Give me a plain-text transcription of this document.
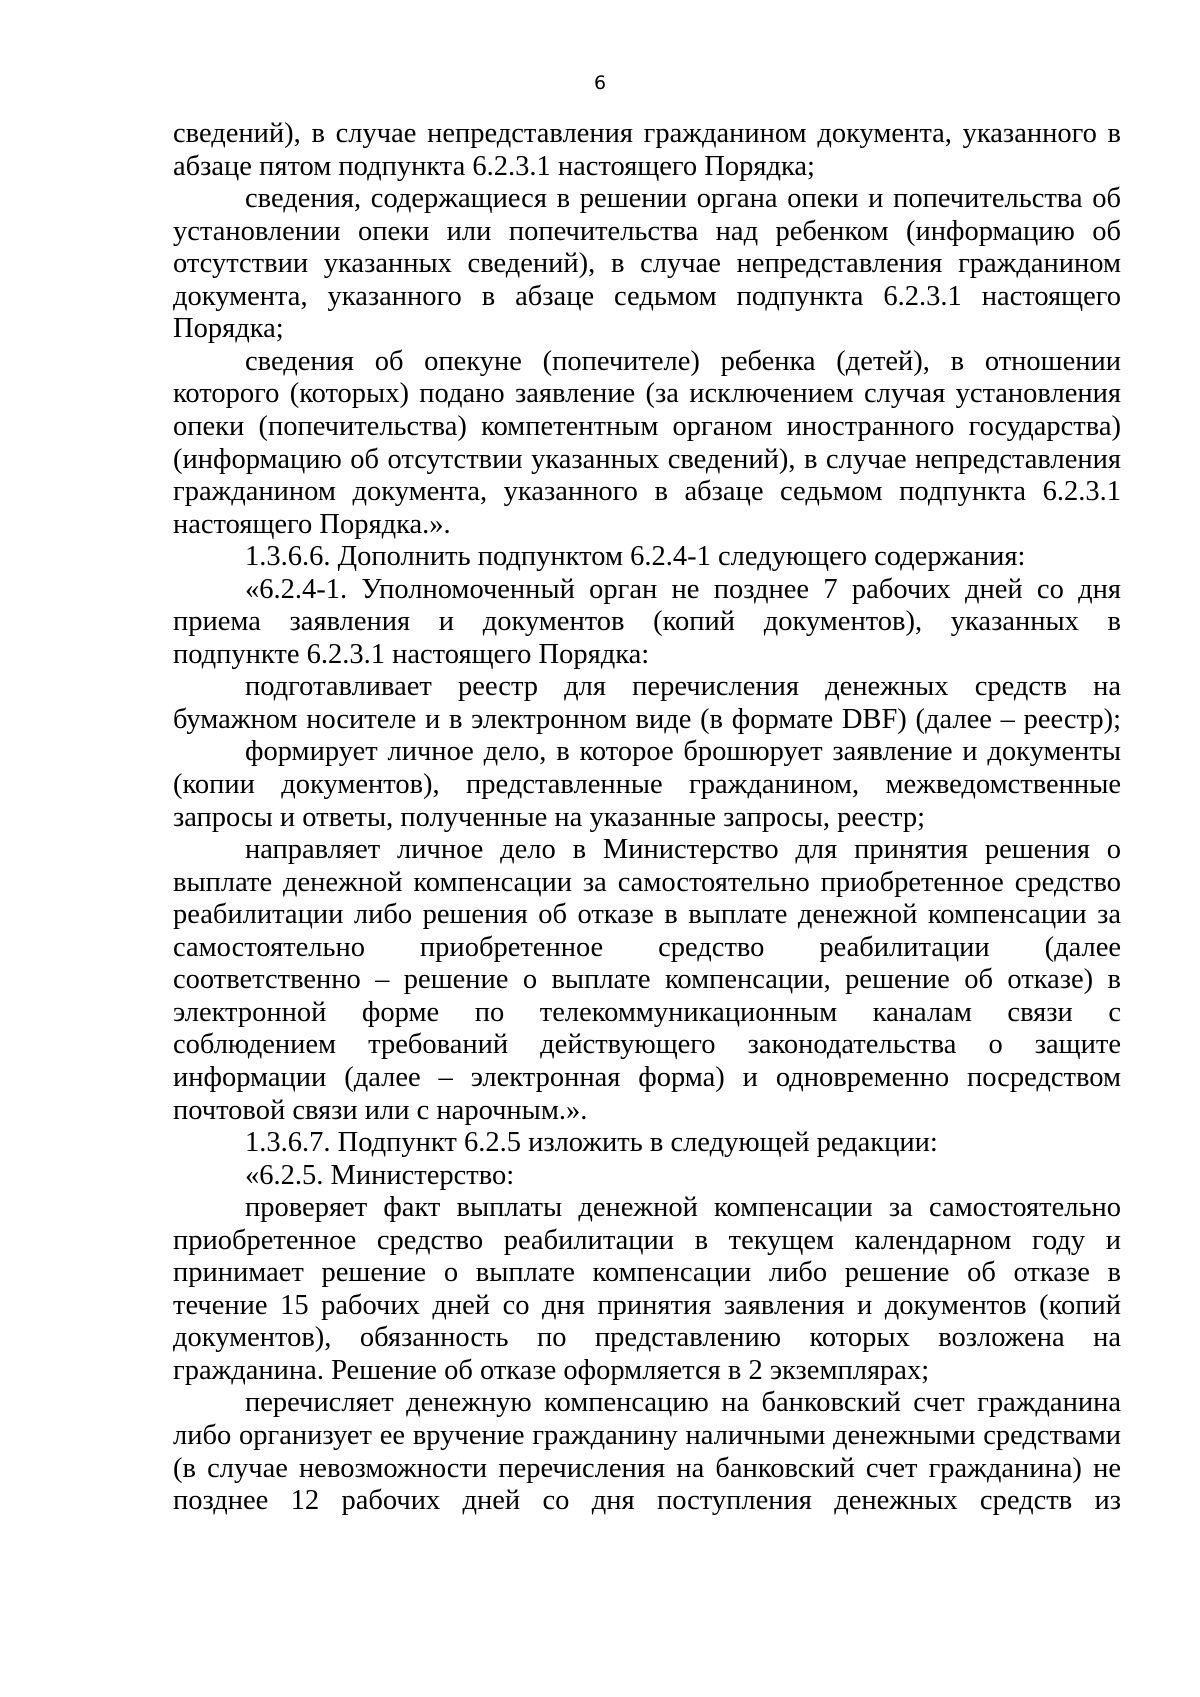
6

сведений), в случае непредставления гражданином документа, указанного в

абзаце пятом подпункта 6.2.3.1 настоящего Порядка;

сведения, содержащиеся в решении органа опеки и попечительства об

установлении опеки или попечительства над ребенком (информацию об

отсутствии указанных сведений), в случае непредставления гражданином

документа, указанного в абзаце седьмом подпункта 6.2.3.1 настоящего

Порядка;

сведения об опекуне (попечителе) ребенка (детей), в отношении

которого (которых) подано заявление (за исключением случая установления

опеки (попечительства) компетентным органом иностранного государства)

(информацию об отсутствии указанных сведений), в случае непредставления

гражданином документа, указанного в абзаце седьмом подпункта 6.2.3.1

настоящего Порядка.».

1.3.6.6. Дополнить подпунктом 6.2.4-1 следующего содержания:

«6.2.4-1. Уполномоченный орган не позднее 7 рабочих дней со дня

приема заявления и документов (копий документов), указанных в

подпункте 6.2.3.1 настоящего Порядка:

подготавливает реестр для перечисления денежных средств на

бумажном носителе и в электронном виде (в формате DBF) (далее – реестр);

формирует личное дело, в которое брошюрует заявление и документы

(копии документов), представленные гражданином, межведомственные

запросы и ответы, полученные на указанные запросы, реестр;

направляет личное дело в Министерство для принятия решения о

выплате денежной компенсации за самостоятельно приобретенное средство

реабилитации либо решения об отказе в выплате денежной компенсации за

самостоятельно приобретенное средство реабилитации (далее

соответственно – решение о выплате компенсации, решение об отказе) в

электронной форме по телекоммуникационным каналам связи с

соблюдением требований действующего законодательства о защите

информации (далее – электронная форма) и одновременно посредством

почтовой связи или с нарочным.».

1.3.6.7. Подпункт 6.2.5 изложить в следующей редакции:

«6.2.5. Министерство:

проверяет факт выплаты денежной компенсации за самостоятельно

приобретенное средство реабилитации в текущем календарном году и

принимает решение о выплате компенсации либо решение об отказе в

течение 15 рабочих дней со дня принятия заявления и документов (копий

документов), обязанность по представлению которых возложена на

гражданина. Решение об отказе оформляется в 2 экземплярах;

перечисляет денежную компенсацию на банковский счет гражданина

либо организует ее вручение гражданину наличными денежными средствами

(в случае невозможности перечисления на банковский счет гражданина) не

позднее 12 рабочих дней со дня поступления денежных средств из
